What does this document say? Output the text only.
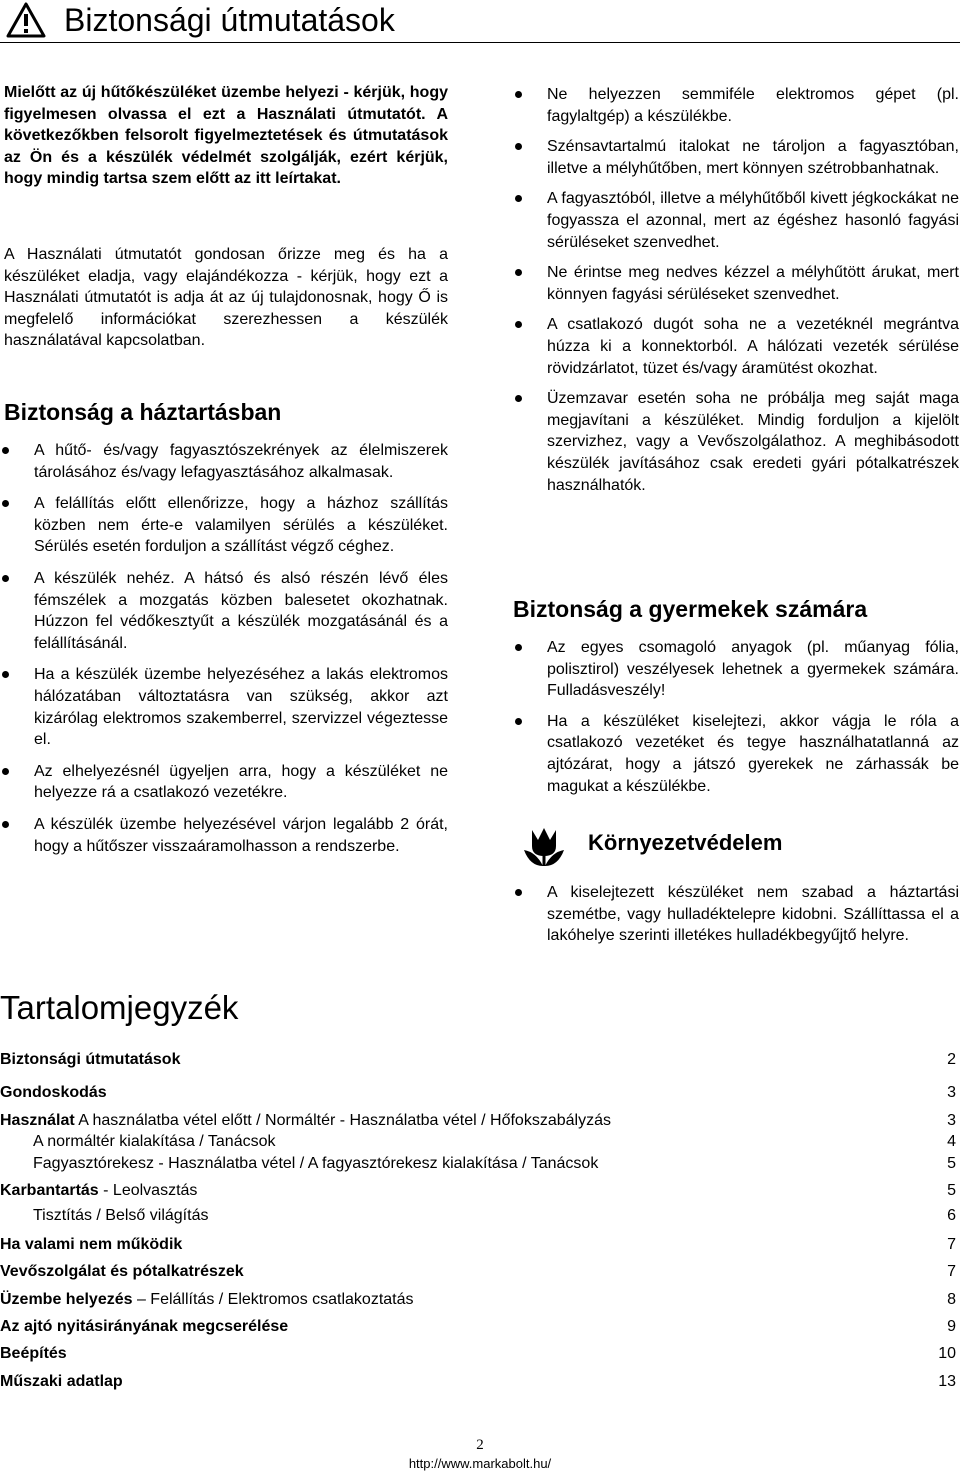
Biztonsági útmutatások

Mielőtt az új hűtőkészüléket üzembe helyezi - kérjük, hogy figyelmesen olvassa el ezt a Használati útmutatót. A következőkben felsorolt figyelmeztetések és útmutatások az Ön és a készülék védelmét szolgálják, ezért kérjük, hogy mindig tartsa szem előtt az itt leírtakat.

A Használati útmutatót gondosan őrizze meg és ha a készüléket eladja, vagy elajándékozza - kérjük, hogy ezt a Használati útmutatót is adja át az új tulajdonosnak, hogy Ő is megfelelő információkat szerezhessen a készülék használatával kapcsolatban.

Biztonság a háztartásban
A hűtő- és/vagy fagyasztószekrények az élelmiszerek tárolásához és/vagy lefagyasztásához alkalmasak.
A felállítás előtt ellenőrizze, hogy a házhoz szállítás közben nem érte-e valamilyen sérülés a készüléket. Sérülés esetén forduljon a szállítást végző céghez.
A készülék nehéz. A hátsó és alsó részén lévő éles fémszélek a mozgatás közben balesetet okozhatnak. Húzzon fel védőkesztyűt a készülék mozgatásánál és a felállításánál.
Ha a készülék üzembe helyezéséhez a lakás elektromos hálózatában változtatásra van szükség, akkor azt kizárólag elektromos szakemberrel, szervizzel végeztesse el.
Az elhelyezésnél ügyeljen arra, hogy a készüléket ne helyezze rá a csatlakozó vezetékre.
A készülék üzembe helyezésével várjon legalább 2 órát, hogy a hűtőszer visszaáramolhasson a rendszerbe.
Ne helyezzen semmiféle elektromos gépet (pl. fagylaltgép) a készülékbe.
Szénsavtartalmú italokat ne tároljon a fagyasztóban, illetve a mélyhűtőben, mert könnyen szétrobbanhatnak.
A fagyasztóból, illetve a mélyhűtőből kivett jégkockákat ne fogyassza el azonnal, mert az égéshez hasonló fagyási sérüléseket szenvedhet.
Ne érintse meg nedves kézzel a mélyhűtött árukat, mert könnyen fagyási sérüléseket szenvedhet.
A csatlakozó dugót soha ne a vezetéknél megrántva húzza ki a konnektorból. A hálózati vezeték sérülése rövidzárlatot, tüzet és/vagy áramütést okozhat.
Üzemzavar esetén soha ne próbálja meg saját maga megjavítani a készüléket. Mindig forduljon a kijelölt szervizhez, vagy a Vevőszolgálathoz. A meghibásodott készülék javításához csak eredeti gyári pótalkatrészek használhatók.
Biztonság a gyermekek számára
Az egyes csomagoló anyagok (pl. műanyag fólia, polisztirol) veszélyesek lehetnek a gyermekek számára. Fulladásveszély!
Ha a készüléket kiselejtezi, akkor vágja le róla a csatlakozó vezetéket és tegye használhatatlanná az ajtózárat, hogy a játszó gyerekek ne zárhassák be magukat a készülékbe.
Környezetvédelem
A kiselejtezett készüléket nem szabad a háztartási szemétbe, vagy hulladéktelepre kidobni. Szállíttassa el a lakóhelye szerinti illetékes hulladékbegyűjtő helyre.
Tartalomjegyzék
Biztonsági útmutatások	2
Gondoskodás	3
Használat A használatba vétel előtt / Normáltér - Használatba vétel / Hőfokszabályzás	3
A normáltér kialakítása / Tanácsok	4
Fagyasztórekesz - Használatba vétel / A fagyasztórekesz kialakítása / Tanácsok	5
Karbantartás - Leolvasztás	5
Tisztítás / Belső világítás	6
Ha valami nem működik	7
Vevőszolgálat és pótalkatrészek	7
Üzembe helyezés – Felállítás / Elektromos csatlakoztatás	8
Az ajtó nyitásirányának megcserélése	9
Beépítés	10
Műszaki adatlap	13
2
http://www.markabolt.hu/
